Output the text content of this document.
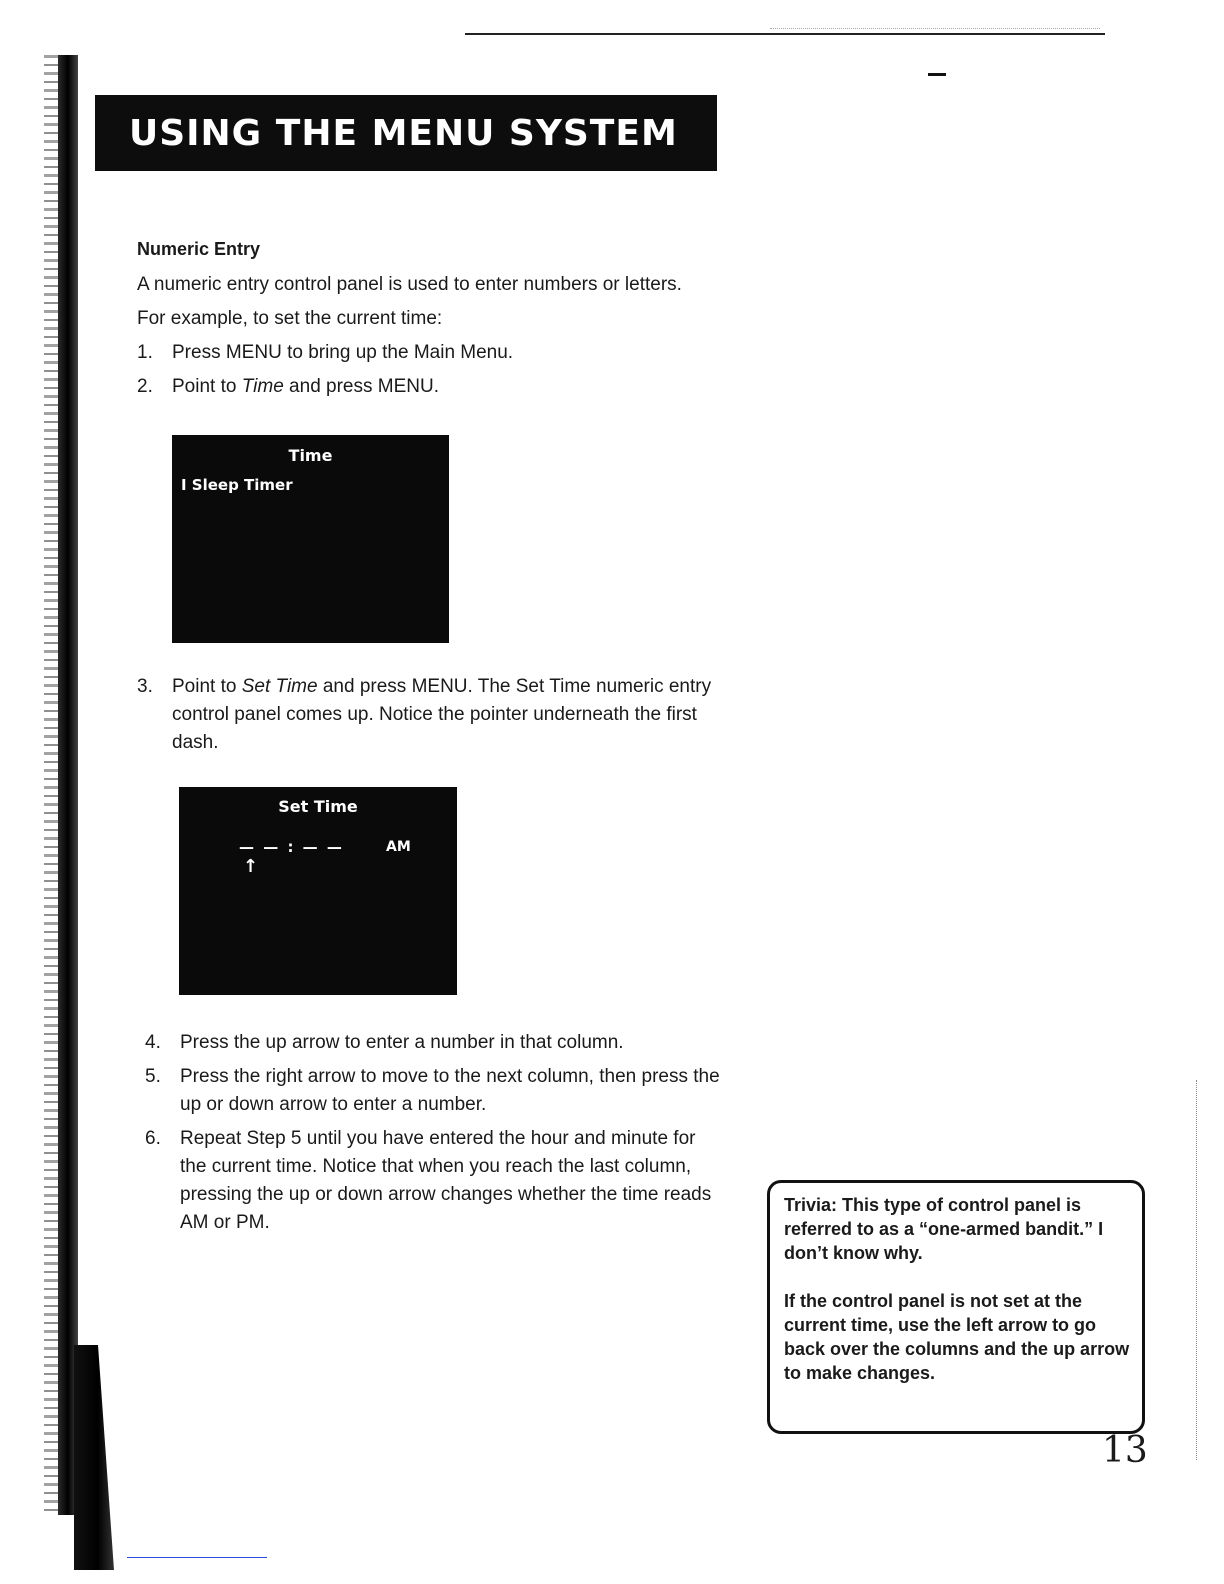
USING THE MENU SYSTEM
Numeric Entry

A numeric entry control panel is used to enter numbers or letters.

For example, to set the current time:

1.	Press MENU to bring up the Main Menu.
2.	Point to Time and press MENU.
Time
I Sleep Timer
3.	Point to Set Time and press MENU. The Set Time numeric entry control panel comes up. Notice the pointer underneath the first dash.
Set Time
— — : — —	AM
↑
4.	Press the up arrow to enter a number in that column.
5.	Press the right arrow to move to the next column, then press the up or down arrow to enter a number.
6.	Repeat Step 5 until you have entered the hour and minute for the current time. Notice that when you reach the last column, pressing the up or down arrow changes whether the time reads AM or PM.

Trivia: This type of control panel is referred to as a “one-armed bandit.” I don’t know why.

If the control panel is not set at the current time, use the left arrow to go back over the columns and the up arrow to make changes.

13
